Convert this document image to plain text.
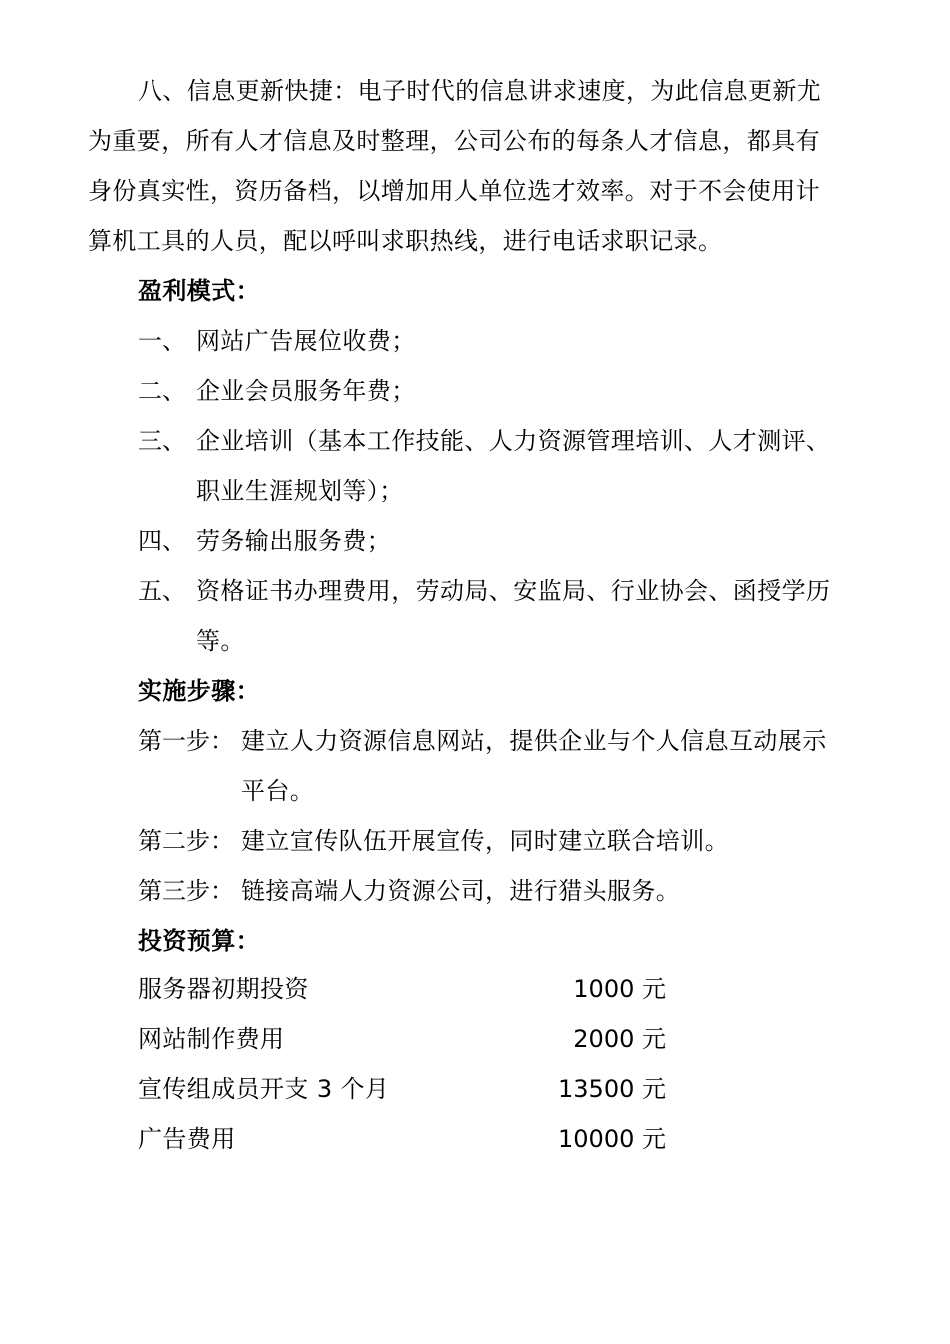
八、信息更新快捷：电子时代的信息讲求速度，为此信息更新尤
为重要，所有人才信息及时整理，公司公布的每条人才信息，都具有
身份真实性，资历备档，以增加用人单位选才效率。对于不会使用计
算机工具的人员，配以呼叫求职热线，进行电话求职记录。
盈利模式：
一、 网站广告展位收费；
二、 企业会员服务年费；
三、 企业培训（基本工作技能、人力资源管理培训、人才测评、
职业生涯规划等）；
四、 劳务输出服务费；
五、 资格证书办理费用，劳动局、安监局、行业协会、函授学历
等。
实施步骤：
第一步： 建立人力资源信息网站，提供企业与个人信息互动展示
平台。
第二步： 建立宣传队伍开展宣传，同时建立联合培训。
第三步： 链接高端人力资源公司，进行猎头服务。
投资预算：
服务器初期投资	1000 元
网站制作费用	2000 元
宣传组成员开支 3 个月	13500 元
广告费用	10000 元
